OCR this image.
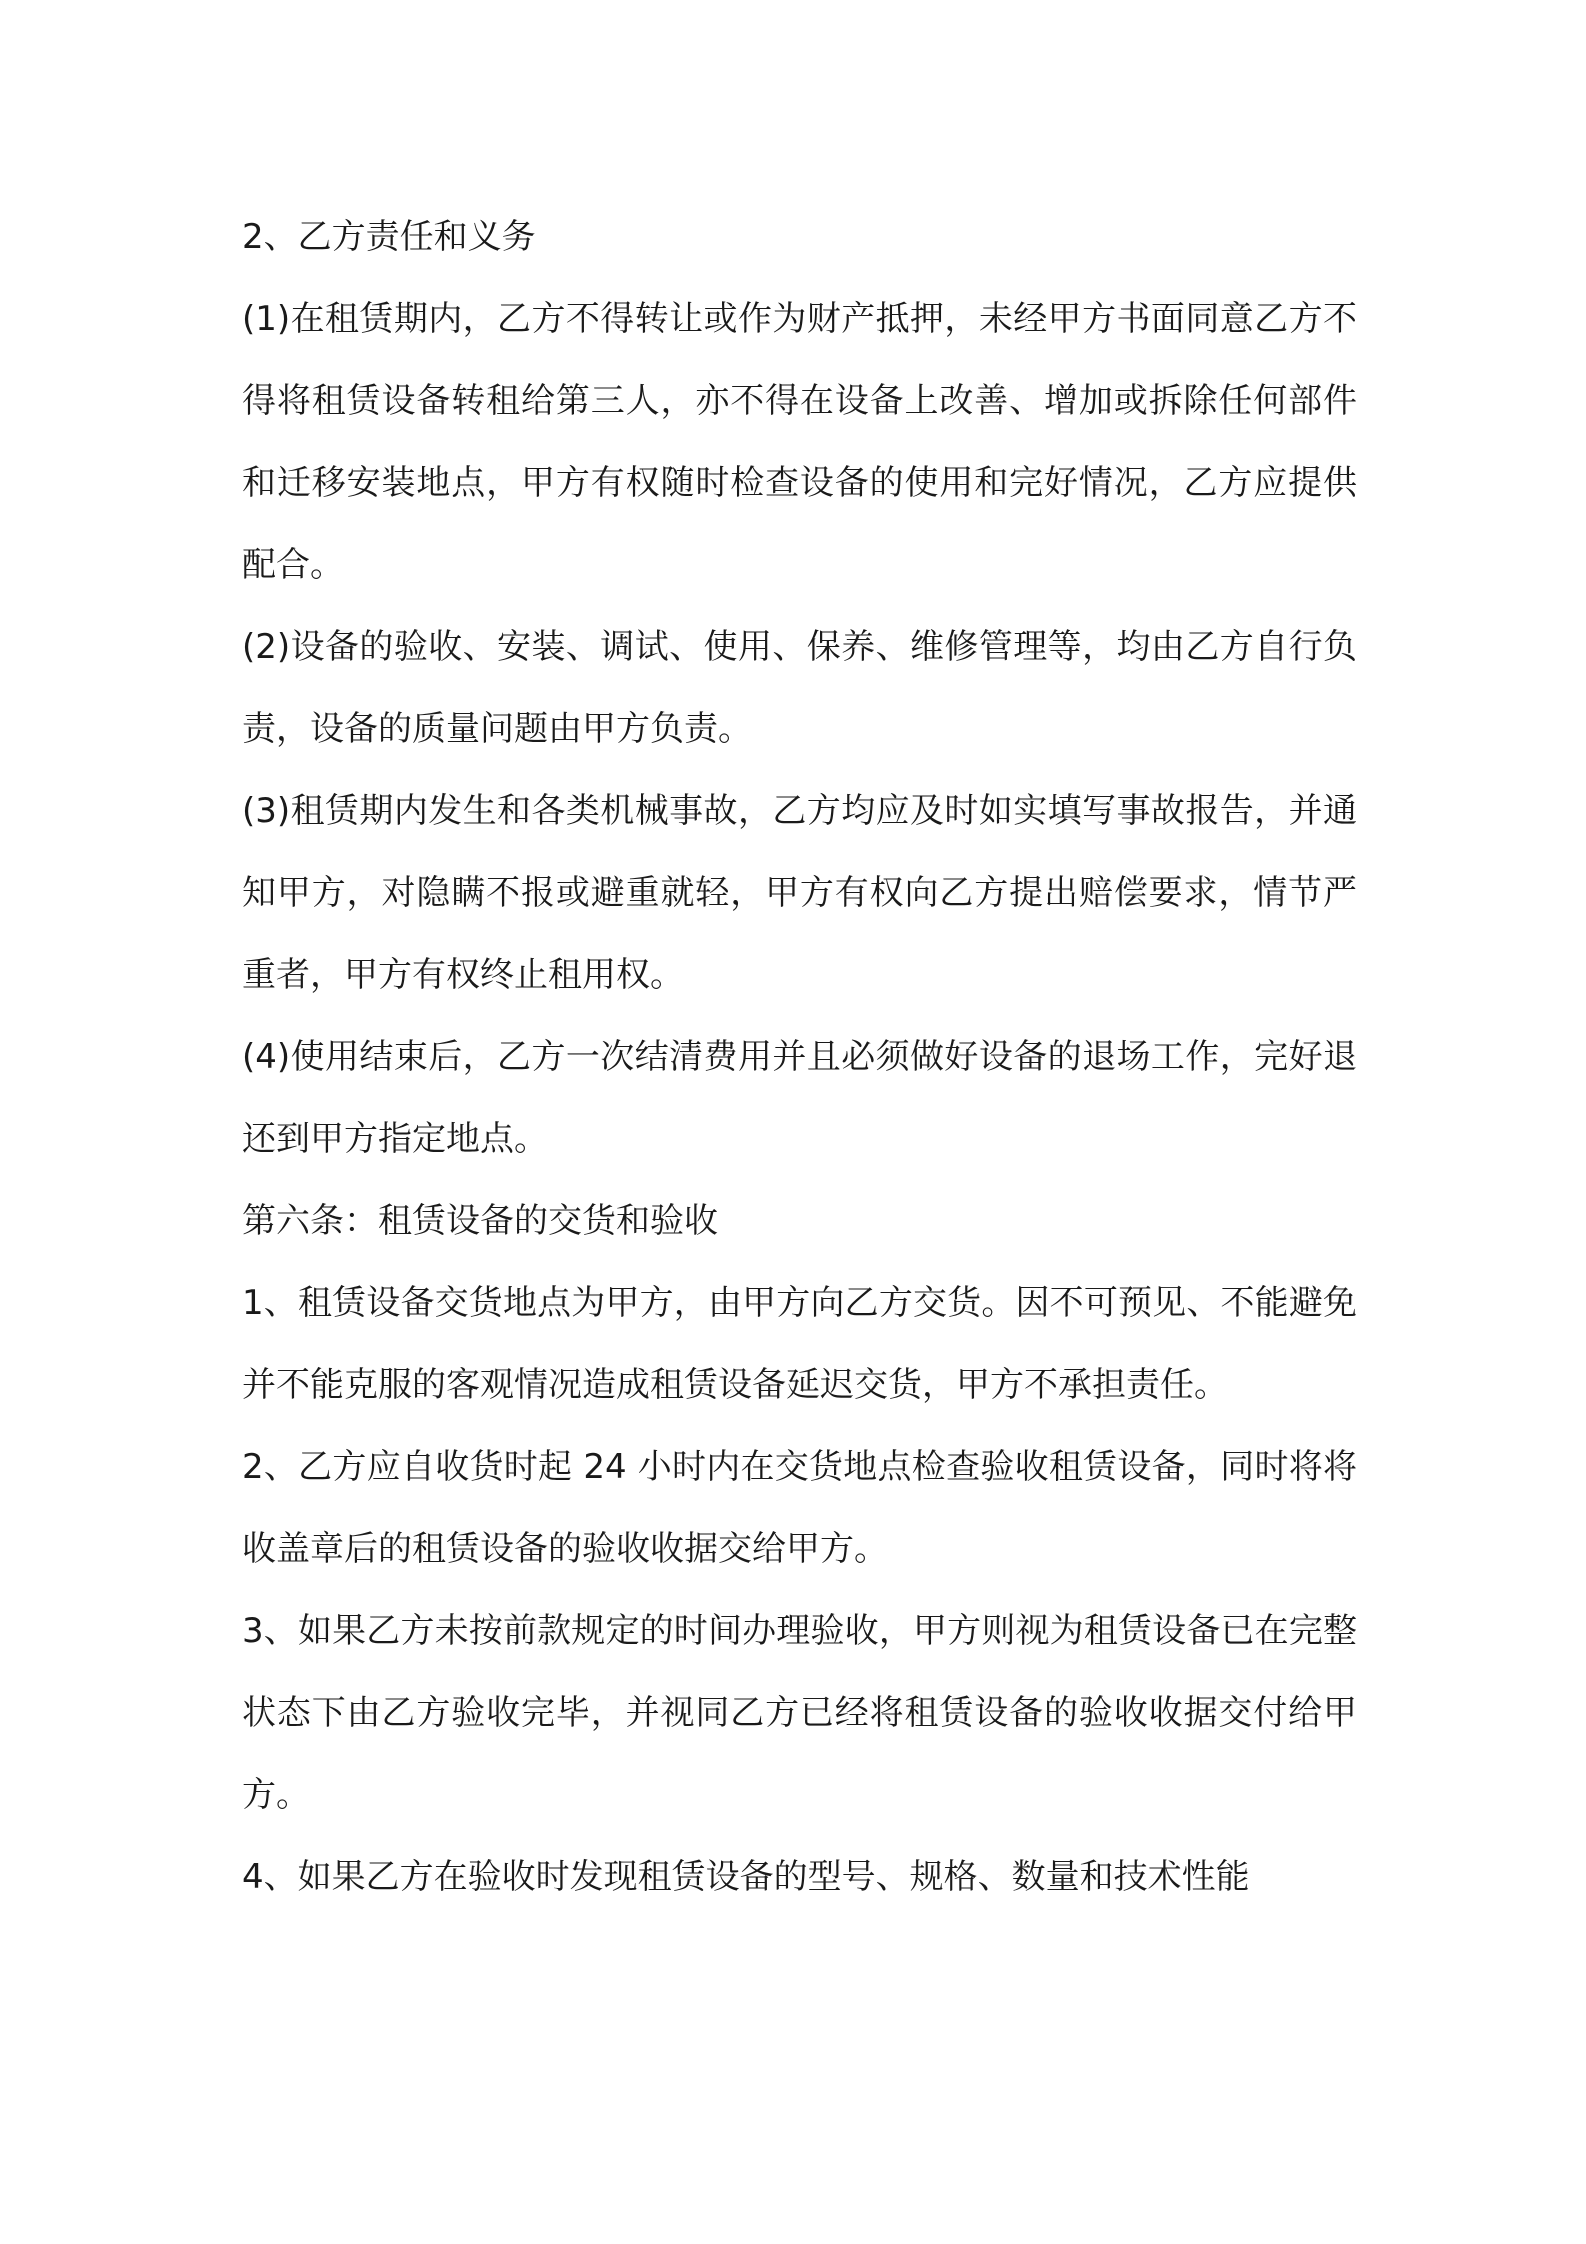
2、乙方责任和义务

(1)在租赁期内，乙方不得转让或作为财产抵押，未经甲方书面同意乙方不得将租赁设备转租给第三人，亦不得在设备上改善、增加或拆除任何部件和迁移安装地点，甲方有权随时检查设备的使用和完好情况，乙方应提供配合。

(2)设备的验收、安装、调试、使用、保养、维修管理等，均由乙方自行负责，设备的质量问题由甲方负责。

(3)租赁期内发生和各类机械事故，乙方均应及时如实填写事故报告，并通知甲方，对隐瞒不报或避重就轻，甲方有权向乙方提出赔偿要求，情节严重者，甲方有权终止租用权。

(4)使用结束后，乙方一次结清费用并且必须做好设备的退场工作，完好退还到甲方指定地点。

第六条：租赁设备的交货和验收

1、租赁设备交货地点为甲方，由甲方向乙方交货。因不可预见、不能避免并不能克服的客观情况造成租赁设备延迟交货，甲方不承担责任。

2、乙方应自收货时起 24 小时内在交货地点检查验收租赁设备，同时将将收盖章后的租赁设备的验收收据交给甲方。

3、如果乙方未按前款规定的时间办理验收，甲方则视为租赁设备已在完整状态下由乙方验收完毕，并视同乙方已经将租赁设备的验收收据交付给甲方。

4、如果乙方在验收时发现租赁设备的型号、规格、数量和技术性能
